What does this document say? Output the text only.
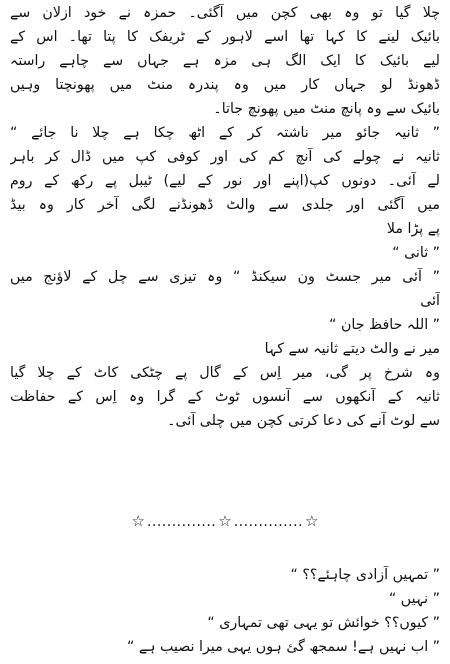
چلا گیا تو وہ بھی کچن میں آگئی۔ حمزہ نے خود ازلان سے
بائیک لینے کا کہا تھا اسے لاہور کے ٹریفک کا پتا تھا۔ اس کے
لیے بائیک کا ایک الگ ہی مزہ ہے جہاں سے چاہے راستہ
ڈھونڈ لو جہاں کار میں وہ پندرہ منٹ میں پھونچتا وہیں
بائیک سے وہ پانچ منٹ میں پھونچ جاتا۔
” ثانیہ جائو میر ناشتہ کر کے اٹھ چکا ہے چلا نا جائے “
ثانیہ نے چولے کی آنچ کم کی اور کوفی کپ میں ڈال کر باہر
لے آئی۔ دونوں کپ(اپنے اور نور کے لیے) ٹیبل پے رکھ کے روم
میں آگئی اور جلدی سے والٹ ڈھونڈنے لگی آخر کار وہ بیڈ
پے پڑا ملا
” ثانی “
” آئی میر جسٹ ون سیکنڈ “ وہ تیزی سے چل کے لاؤنج میں
آئی
” اللہ حافظ جان “
میر نے والٹ دیتے ثانیہ سے کہا
وہ شرخ پر گی، میر اِس کے گال پے چٹکی کاٹ کے چلا گیا
ثانیہ کے آنکھوں سے آنسوں ٹوٹ کے گرا وہ اِس کے حفاظت
سے لوٹ آنے کی دعا کرتی کچن میں چلی آئی۔
☆ .............. ☆ .............. ☆
” تمہیں آزادی چاہئے؟؟ “
” نہیں “
” کیوں؟؟ خوائش تو یہی تھی تمہاری “
” اب نہیں ہے! سمجھ گئ ہوں یہی میرا نصیب ہے “
